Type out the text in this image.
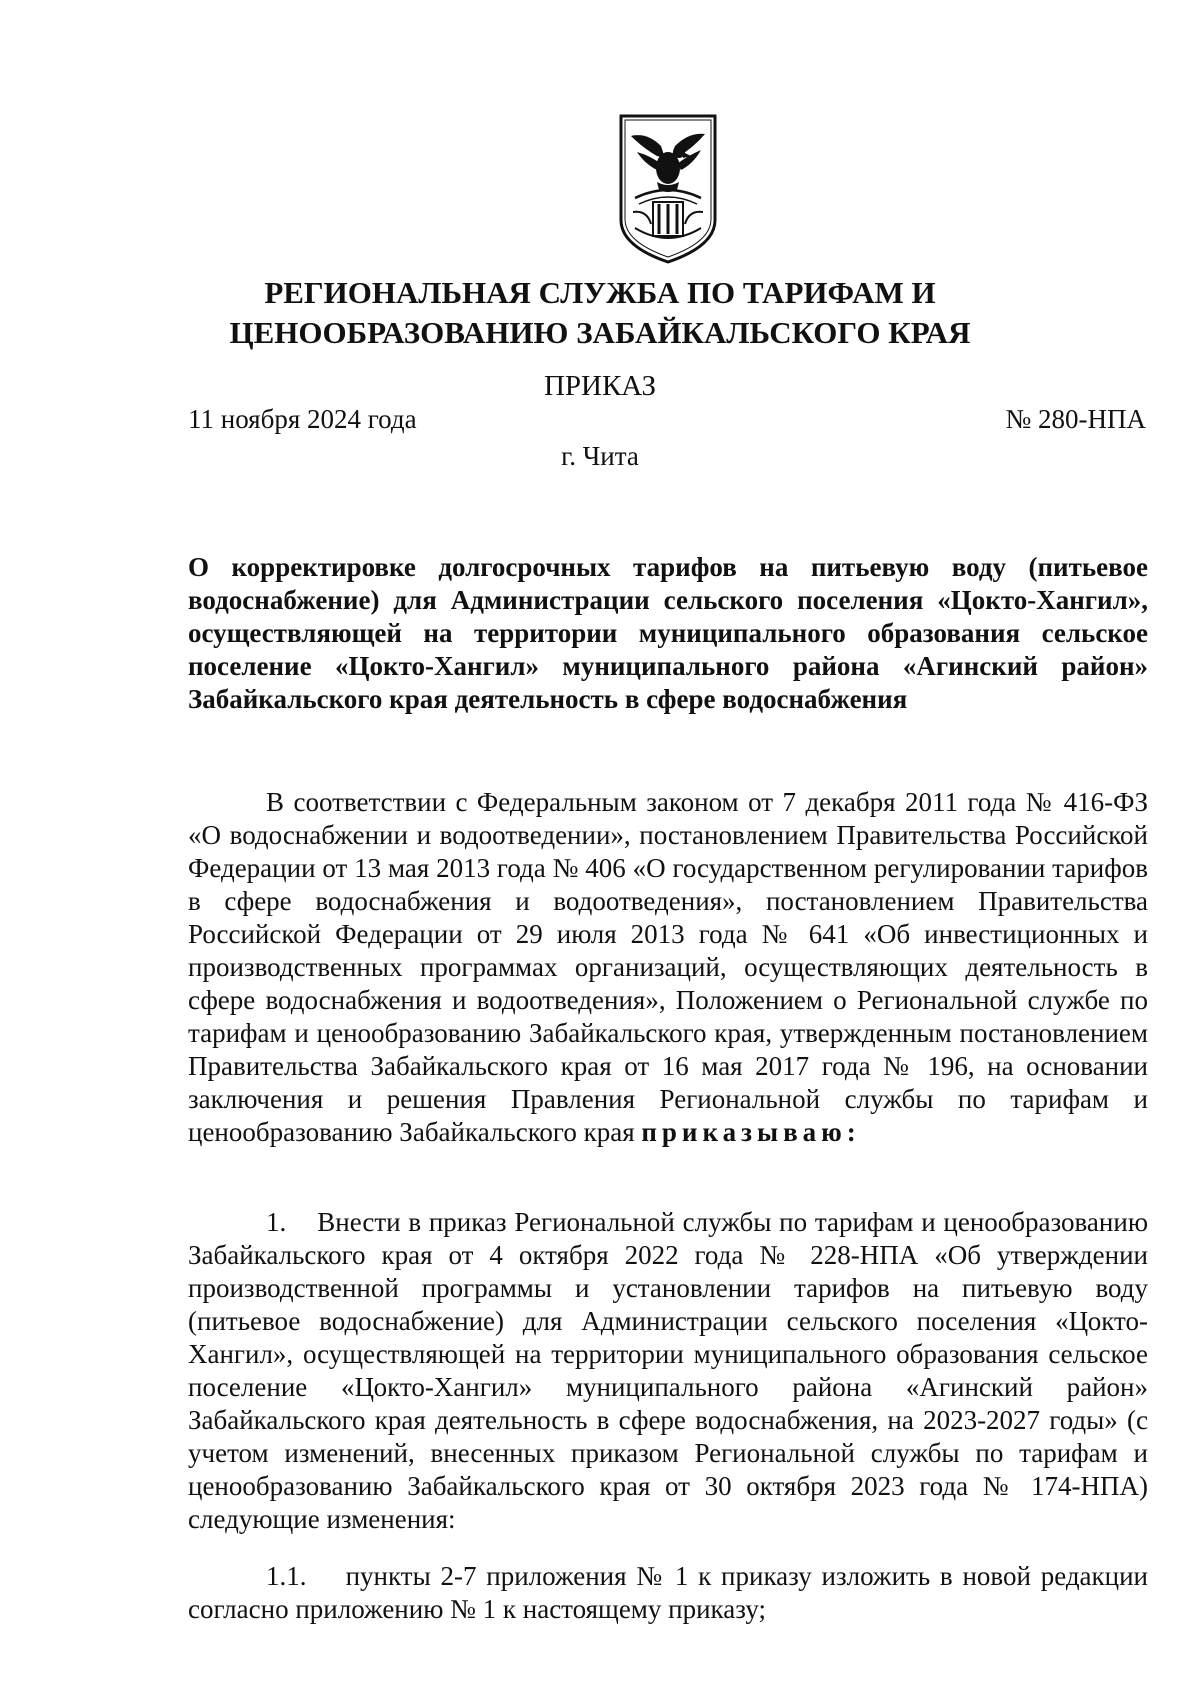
РЕГИОНАЛЬНАЯ СЛУЖБА ПО ТАРИФАМ И
ЦЕНООБРАЗОВАНИЮ ЗАБАЙКАЛЬСКОГО КРАЯ
ПРИКАЗ
11 ноября 2024 года	№ 280-НПА
г. Чита

О корректировке долгосрочных тарифов на питьевую воду (питьевое водоснабжение) для Администрации сельского поселения «Цокто-Хангил», осуществляющей на территории муниципального образования сельское поселение «Цокто-Хангил» муниципального района «Агинский район» Забайкальского края деятельность в сфере водоснабжения

В соответствии с Федеральным законом от 7 декабря 2011 года № 416-ФЗ «О водоснабжении и водоотведении», постановлением Правительства Российской Федерации от 13 мая 2013 года № 406 «О государственном регулировании тарифов в сфере водоснабжения и водоотведения», постановлением Правительства Российской Федерации от 29 июля 2013 года № 641 «Об инвестиционных и производственных программах организаций, осуществляющих деятельность в сфере водоснабжения и водоотведения», Положением о Региональной службе по тарифам и ценообразованию Забайкальского края, утвержденным постановлением Правительства Забайкальского края от 16 мая 2017 года № 196, на основании заключения и решения Правления Региональной службы по тарифам и ценообразованию Забайкальского края приказываю:

1. Внести в приказ Региональной службы по тарифам и ценообразованию Забайкальского края от 4 октября 2022 года № 228-НПА «Об утверждении производственной программы и установлении тарифов на питьевую воду (питьевое водоснабжение) для Администрации сельского поселения «Цокто-Хангил», осуществляющей на территории муниципального образования сельское поселение «Цокто-Хангил» муниципального района «Агинский район» Забайкальского края деятельность в сфере водоснабжения, на 2023-2027 годы» (с учетом изменений, внесенных приказом Региональной службы по тарифам и ценообразованию Забайкальского края от 30 октября 2023 года № 174-НПА) следующие изменения:

1.1. пункты 2-7 приложения № 1 к приказу изложить в новой редакции согласно приложению № 1 к настоящему приказу;
